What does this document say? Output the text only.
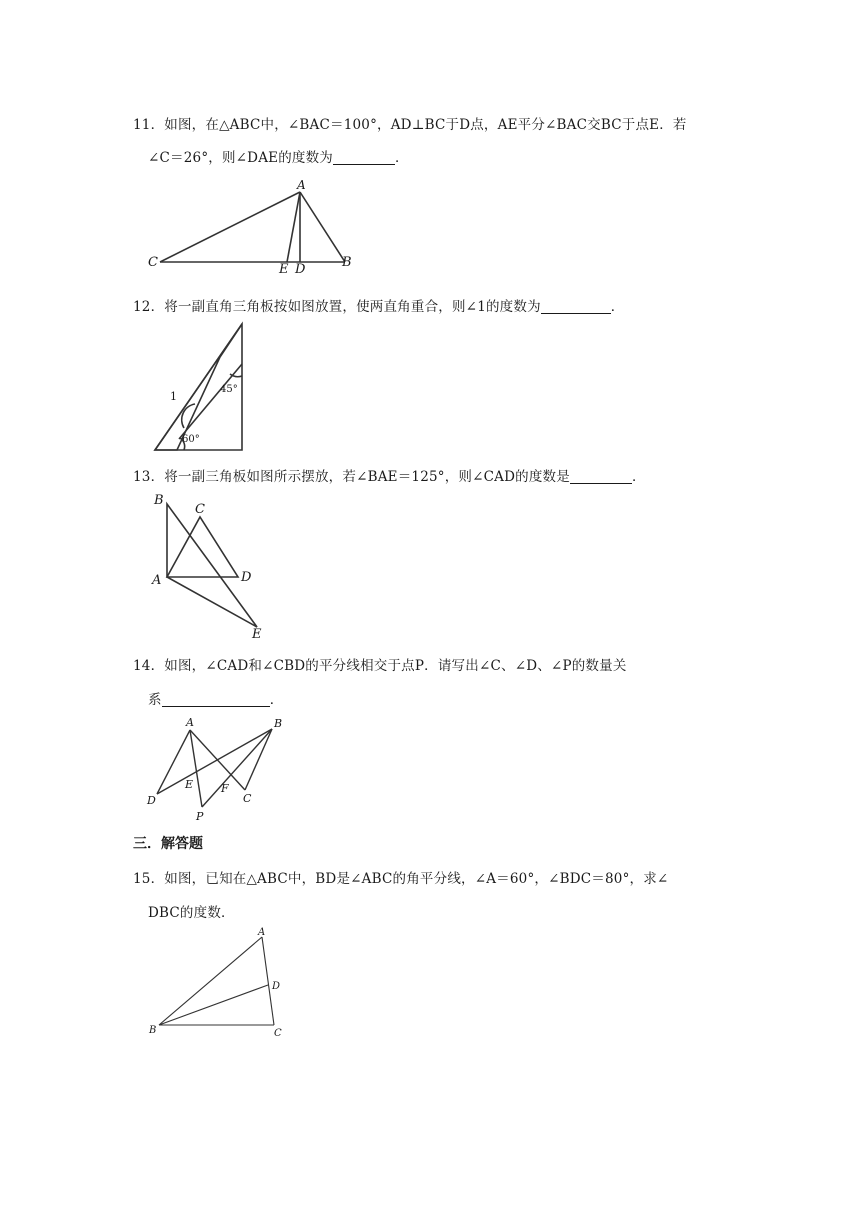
11．如图，在△ABC中，∠BAC＝100°，AD⊥BC于D点，AE平分∠BAC交BC于点E．若
∠C＝26°，则∠DAE的度数为	．
A
C	E D	B
12．将一副直角三角板按如图放置，使两直角重合，则∠1的度数为	．
1
45°
60°
13．将一副三角板如图所示摆放，若∠BAE＝125°，则∠CAD的度数是	．
B
C
A	D
E
14．如图，∠CAD和∠CBD的平分线相交于点P．请写出∠C、∠D、∠P的数量关
系	．
A	B
D
E	F
C
P
三．解答题
15．如图，已知在△ABC中，BD是∠ABC的角平分线，∠A＝60°，∠BDC＝80°，求∠
DBC的度数．
A
D
B	C
